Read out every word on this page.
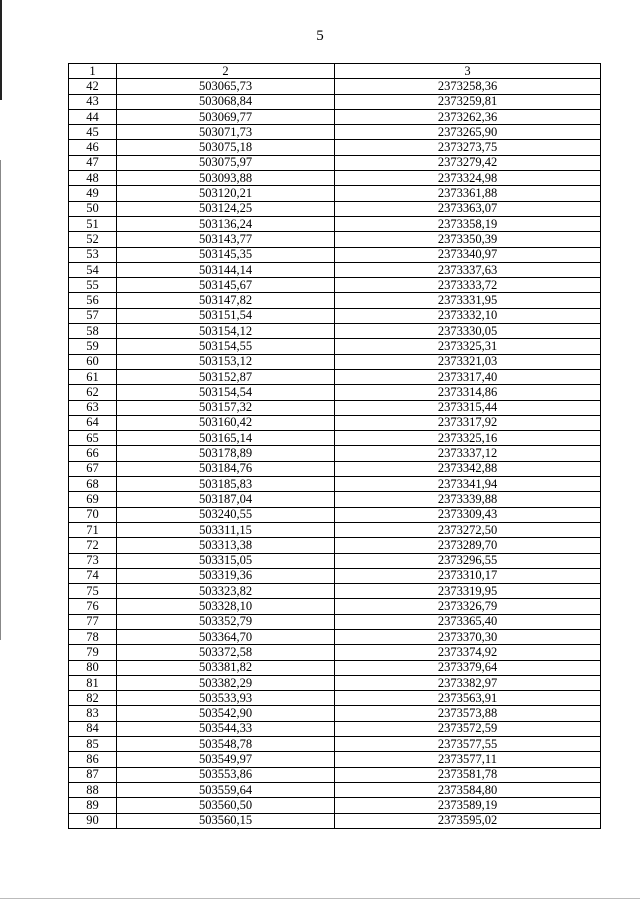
5
1	2	3
42	503065,73	2373258,36
43	503068,84	2373259,81
44	503069,77	2373262,36
45	503071,73	2373265,90
46	503075,18	2373273,75
47	503075,97	2373279,42
48	503093,88	2373324,98
49	503120,21	2373361,88
50	503124,25	2373363,07
51	503136,24	2373358,19
52	503143,77	2373350,39
53	503145,35	2373340,97
54	503144,14	2373337,63
55	503145,67	2373333,72
56	503147,82	2373331,95
57	503151,54	2373332,10
58	503154,12	2373330,05
59	503154,55	2373325,31
60	503153,12	2373321,03
61	503152,87	2373317,40
62	503154,54	2373314,86
63	503157,32	2373315,44
64	503160,42	2373317,92
65	503165,14	2373325,16
66	503178,89	2373337,12
67	503184,76	2373342,88
68	503185,83	2373341,94
69	503187,04	2373339,88
70	503240,55	2373309,43
71	503311,15	2373272,50
72	503313,38	2373289,70
73	503315,05	2373296,55
74	503319,36	2373310,17
75	503323,82	2373319,95
76	503328,10	2373326,79
77	503352,79	2373365,40
78	503364,70	2373370,30
79	503372,58	2373374,92
80	503381,82	2373379,64
81	503382,29	2373382,97
82	503533,93	2373563,91
83	503542,90	2373573,88
84	503544,33	2373572,59
85	503548,78	2373577,55
86	503549,97	2373577,11
87	503553,86	2373581,78
88	503559,64	2373584,80
89	503560,50	2373589,19
90	503560,15	2373595,02
